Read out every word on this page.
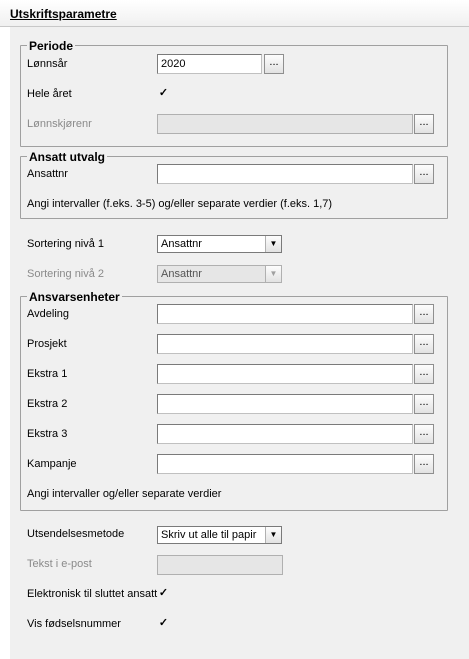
Utskriftsparametre
Periode
Lønnsår	2020	...
Hele året	✓
Lønnskjørenr	...
Ansatt utvalg
Ansattnr	...
Angi intervaller (f.eks. 3-5) og/eller separate verdier (f.eks. 1,7)
Sortering nivå 1	Ansattnr	▼
Sortering nivå 2	Ansattnr	▼
Ansvarsenheter
Avdeling	...
Prosjekt	...
Ekstra 1	...
Ekstra 2	...
Ekstra 3	...
Kampanje	...
Angi intervaller og/eller separate verdier
Utsendelsesmetode	Skriv ut alle til papir	▼
Tekst i e-post
Elektronisk til sluttet ansatt ✓
Vis fødselsnummer	✓
